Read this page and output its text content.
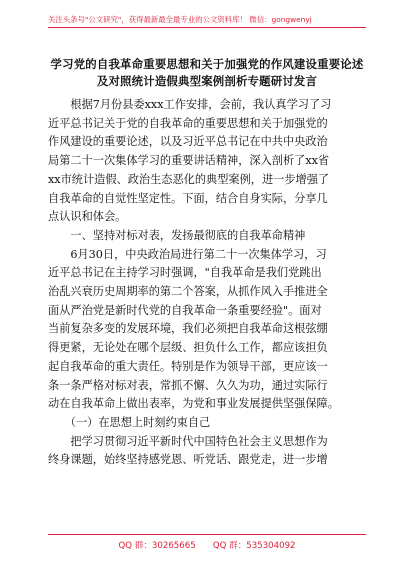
关注头条号"公文研究"，获得最新最全最专业的公文资料库！ 微信：gongwenyj
学习党的自我革命重要思想和关于加强党的作风建设重要论述
及对照统计造假典型案例剖析专题研讨发言

　　根据7月份县委xxx工作安排，会前，我认真学习了习

近平总书记关于党的自我革命的重要思想和关于加强党的

作风建设的重要论述，以及习近平总书记在中共中央政治

局第二十一次集体学习的重要讲话精神，深入剖析了xx省

xx市统计造假、政治生态恶化的典型案例，进一步增强了

自我革命的自觉性坚定性。下面，结合自身实际，分享几

点认识和体会。

　　一、坚持对标对表，发扬最彻底的自我革命精神

　　6月30日，中央政治局进行第二十一次集体学习，习

近平总书记在主持学习时强调，"自我革命是我们党跳出

治乱兴衰历史周期率的第二个答案，从抓作风入手推进全

面从严治党是新时代党的自我革命一条重要经验"。面对

当前复杂多变的发展环境，我们必须把自我革命这根弦绷

得更紧，无论处在哪个层级、担负什么工作，都应该担负

起自我革命的重大责任。特别是作为领导干部，更应该一

条一条严格对标对表，常抓不懈、久久为功，通过实际行

动在自我革命上做出表率，为党和事业发展提供坚强保障。

　　（一）在思想上时刻约束自己

　　把学习贯彻习近平新时代中国特色社会主义思想作为

终身课题，始终坚持感党恩、听党话、跟党走，进一步增

QQ 群：30265665　　QQ 群：535304092
